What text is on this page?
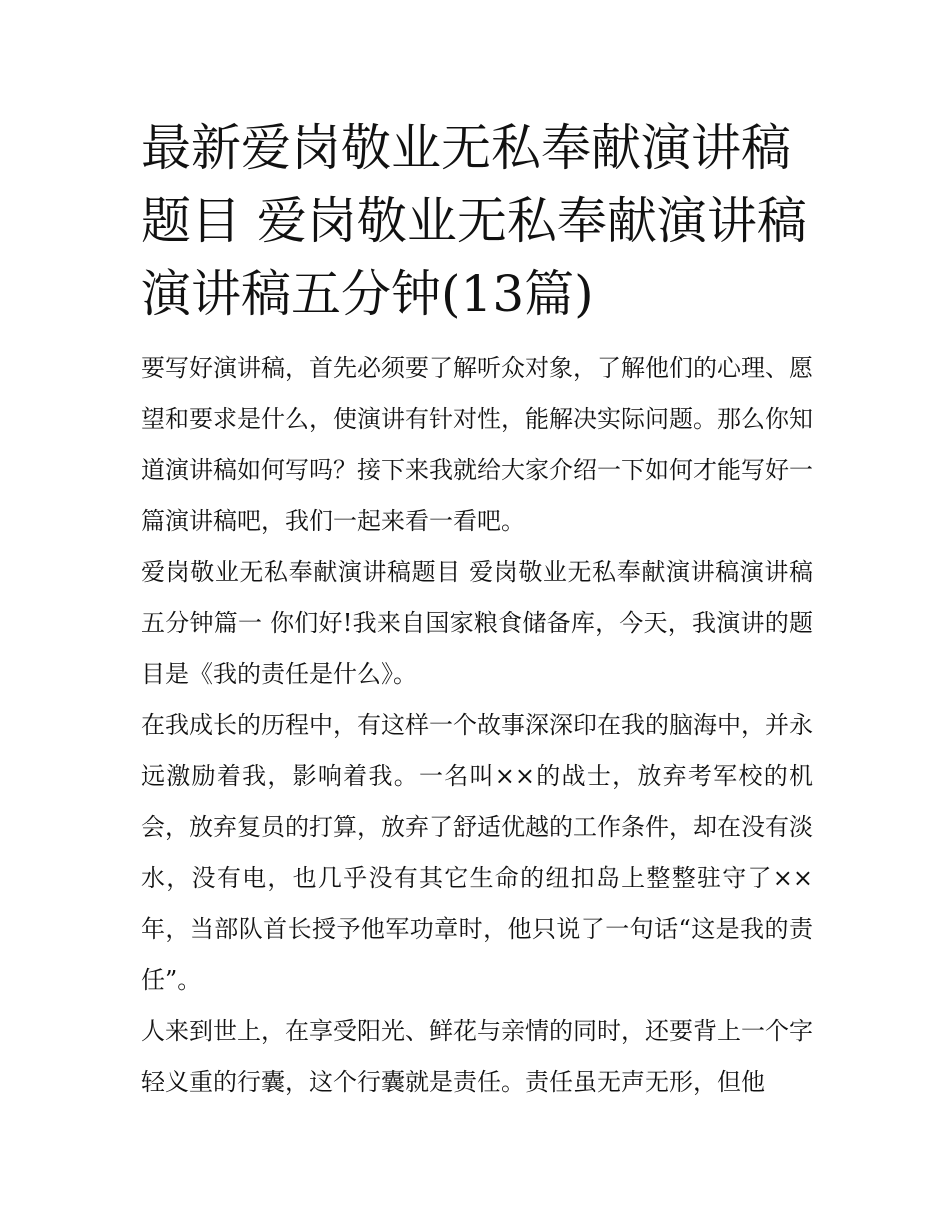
最新爱岗敬业无私奉献演讲稿题目 爱岗敬业无私奉献演讲稿演讲稿五分钟(13篇)

要写好演讲稿，首先必须要了解听众对象，了解他们的心理、愿望和要求是什么，使演讲有针对性，能解决实际问题。那么你知道演讲稿如何写吗？接下来我就给大家介绍一下如何才能写好一篇演讲稿吧，我们一起来看一看吧。

爱岗敬业无私奉献演讲稿题目 爱岗敬业无私奉献演讲稿演讲稿五分钟篇一 你们好!我来自国家粮食储备库，今天，我演讲的题目是《我的责任是什么》。

在我成长的历程中，有这样一个故事深深印在我的脑海中，并永远激励着我，影响着我。一名叫××的战士，放弃考军校的机会，放弃复员的打算，放弃了舒适优越的工作条件，却在没有淡水，没有电，也几乎没有其它生命的纽扣岛上整整驻守了××年，当部队首长授予他军功章时，他只说了一句话“这是我的责任”。

人来到世上，在享受阳光、鲜花与亲情的同时，还要背上一个字轻义重的行囊，这个行囊就是责任。责任虽无声无形，但他
